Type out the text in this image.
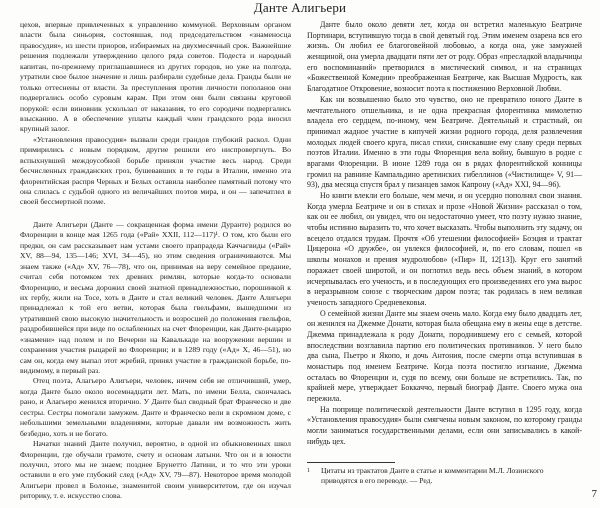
Данте Алигьери

цехов, впервые привлеченных к управлению коммуной. Верховным органом власти была синьория, состоявшая, под председательством «знаменосца правосудия», из шести приоров, избираемых на двухмесячный срок. Важнейшие решения подлежали утверждению целого ряда советов. Подеста и народный капитан, по-прежнему приглашавшиеся из других городов, но уже на полгода, утратили свое былое значение и лишь разбирали судебные дела. Гранды были не только оттеснены от власти. За преступления против личности пополанов они подвергались особо суровым карам. При этом они были связаны круговой порукой: если виновник ускользал от наказания, то его сородичи подвергались взысканию. А в обеспечение уплаты каждый член грандского рода вносил крупный залог.

«Установления правосудия» вызвали среди грандов глубокий раскол. Одни примирились с новым порядком, другие решили его ниспровергнуть. Во вспыхнувшей междоусобной борьбе приняли участие весь народ. Среди бесчисленных гражданских гроз, бушевавших в те годы в Италии, именно эта флорентийская распря Черных и Белых оставила наиболее памятный потому что она слилась с судьбой одного из величайших поэтов мира, и он — запечатлел в своей бессмертной поэме.

Данте Алигьери (Данте — сокращенная форма имени Дуранте) родился во Флоренции в конце мая 1265 года («Рай» XXII, 112—117)¹. О том, кто были его предки, он сам рассказывает нам устами своего прапрадеда Каччагвиды («Рай» XV, 88—94, 135—146; XVI, 34—45), но этим сведения ограничиваются. Мы знаем также («Ад» XV, 76—78), что он, принимая на веру семейное предание, считал себя потомком тех древних римлян, которые когда-то основали Флоренцию, и весьма дорожил своей знатной принадлежностью, порошинкой к их гербу, жили на Тосе, хоть в Данте и стал великий человек. Данте Алигьери принадлежал к той его ветви, которая была гвельфами, вышедшими из утратившей свою высокую значительность и возросшей до положения гвельфов, раздробившейся при виде по ослабленных на счет Флоренции, как Данте-рыцарю «знамени» над полем и по Вечерни на Кавалькаде на вооружении вершин и сохранения участия рыцарей во Флоренции; и в 1289 году («Ад» X, 46—51), но сам он, когда ему выпал этот жребий, принял участие в гражданской борьбе, по-видимому, в первый раз.

Отец поэта, Алагьеро Алигьери, человек, ничем себя не отличивший, умер, когда Данте было около восемнадцати лет. Мать, по имени Белла, скончалась рано, и Алагьеро женился вторично. У Данте был сводный брат Франческо и две сестры. Сестры помогали замужем. Данте и Франческо вели в скромном доме, с небольшими земельными владениями, которые давали им возможность жить безбедно, хоть и не богато.

Начатки знаний Данте получил, вероятно, в одной из обыкновенных школ Флоренции, где обучали грамоте, счету и основам латыни. Что он и в юности получил, этого мы не знаем; позднее Брунетто Латини, и то что эти уроки оставили в его уме глубокий след («Ад» XV, 79—87). Некоторое время молодой Алигьери провел в Болонье, знаменитой своим университетом, где он изучал риторику, т. е. искусство слова.

Данте было около девяти лет, когда он встретил маленькую Беатриче Портинари, вступившую тогда в свой девятый год. Этим именем озарена вся его жизнь. Он любил ее благоговейной любовью, а когда она, уже замужней женщиной, она умерла двадцати пяти лет от роду. Образ «пресладкой владычицы его воспоминаний» претворился в мистический символ, и на страницах «Божественной Комедии» преображенная Беатриче, как Высшая Мудрость, как Благодатное Откровение, возносит поэта к постижению Верховной Любви.

Как ни возвышенно было это чувство, оно не превратило юного Данте в мечтательного отшельника, и не одна прекрасная флорентинка мимолетно владела его сердцем, по-иному, чем Беатриче. Деятельный и страстный, он принимал жадное участие в кипучей жизни родного города, деля развлечения молодых людей своего круга, писал стихи, снискавшие ему славу среди первых поэтов Италии. Именно в эти годы Флоренция вела войну, бывшую в родне с врагами Флоренции. В июне 1289 года он в рядах флорентийской конницы громил на равнине Кампальдино аретинских гибеллинов («Чистилище» V, 91—93), два месяца спустя брал у пизанцев замок Капрону («Ад» XXI, 94—96).

Но книги влекли его больше, чем мечи, и он усердно пополнял свои знания. Когда умерла Беатриче и он в стихах и прозе «Новой Жизни» рассказал о том, как он ее любил, он увидел, что он недостаточно умеет, что поэту нужно знание, чтобы истинно выразить то, что хочет высказать. Чтобы выполнить эту задачу, он всецело отдался трудам. Прочтя «Об утешении философией» Боэция и трактат Цицерона «О дружбе», он увлекся философией, и, по его словам, пошел «в школы монахов и прения мудролюбов» («Пир» II, 12[13]). Круг его занятий поражает своей широтой, и он поглотил ведь весь объем знаний, в котором исчерпывалась его ученость, и в последующих его произведениях его ума вырос в неразрывном союзе с творческим даром поэта; так родилась в нем великая ученость западного Средневековья.

О семейной жизни Данте мы знаем очень мало. Когда ему было двадцать лет, он женился на Джемме Донати, которая была обещана ему в жены еще в детстве. Джемма принадлежала к роду Донати, породнившему его с семьей, которой впоследствии возглавила партию его политических противников. У него было два сына, Пьетро и Якопо, и дочь Антония, после смерти отца вступившая в монастырь под именем Беатриче. Когда поэта постигло изгнание, Джемма осталась во Флоренции и, судя по всему, они больше не встретились. Так, по крайней мере, утверждает Боккаччо, первый биограф Данте. Своего мужа она пережила.

На поприще политической деятельности Данте вступил в 1295 году, когда «Установления правосудия» были смягчены новым законом, по которому гранды могли заниматься государственными делами, если они записывались в какой-нибудь цех.

1 Цитаты из трактатов Данте в статье и комментарии М.Л. Лозинского приводятся в его переводе. — Ред.
7
